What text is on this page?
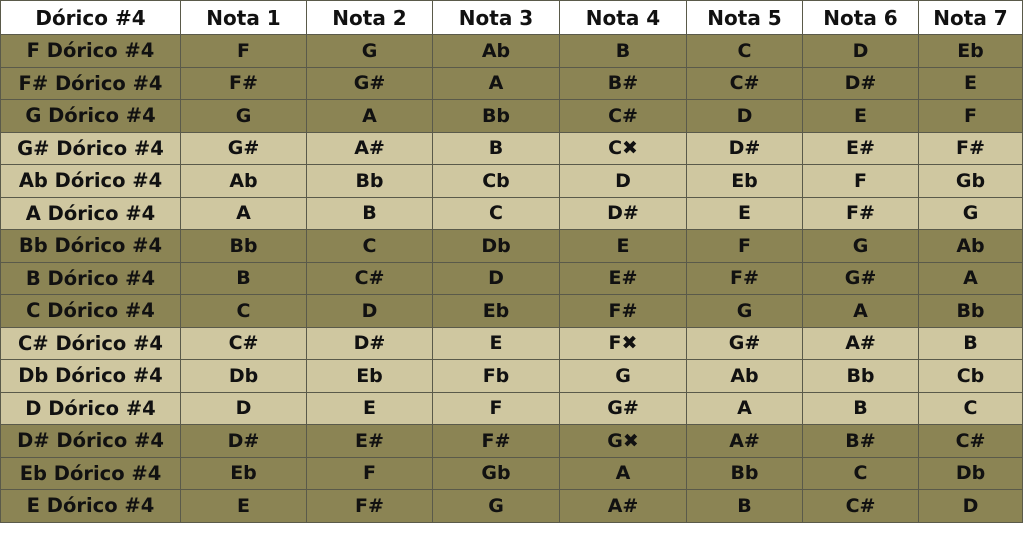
Dórico #4	Nota 1	Nota 2	Nota 3	Nota 4	Nota 5	Nota 6	Nota 7
F Dórico #4	F	G	Ab	B	C	D	Eb
F# Dórico #4	F#	G#	A	B#	C#	D#	E
G Dórico #4	G	A	Bb	C#	D	E	F
G# Dórico #4	G#	A#	B	C✖	D#	E#	F#
Ab Dórico #4	Ab	Bb	Cb	D	Eb	F	Gb
A Dórico #4	A	B	C	D#	E	F#	G
Bb Dórico #4	Bb	C	Db	E	F	G	Ab
B Dórico #4	B	C#	D	E#	F#	G#	A
C Dórico #4	C	D	Eb	F#	G	A	Bb
C# Dórico #4	C#	D#	E	F✖	G#	A#	B
Db Dórico #4	Db	Eb	Fb	G	Ab	Bb	Cb
D Dórico #4	D	E	F	G#	A	B	C
D# Dórico #4	D#	E#	F#	G✖	A#	B#	C#
Eb Dórico #4	Eb	F	Gb	A	Bb	C	Db
E Dórico #4	E	F#	G	A#	B	C#	D
